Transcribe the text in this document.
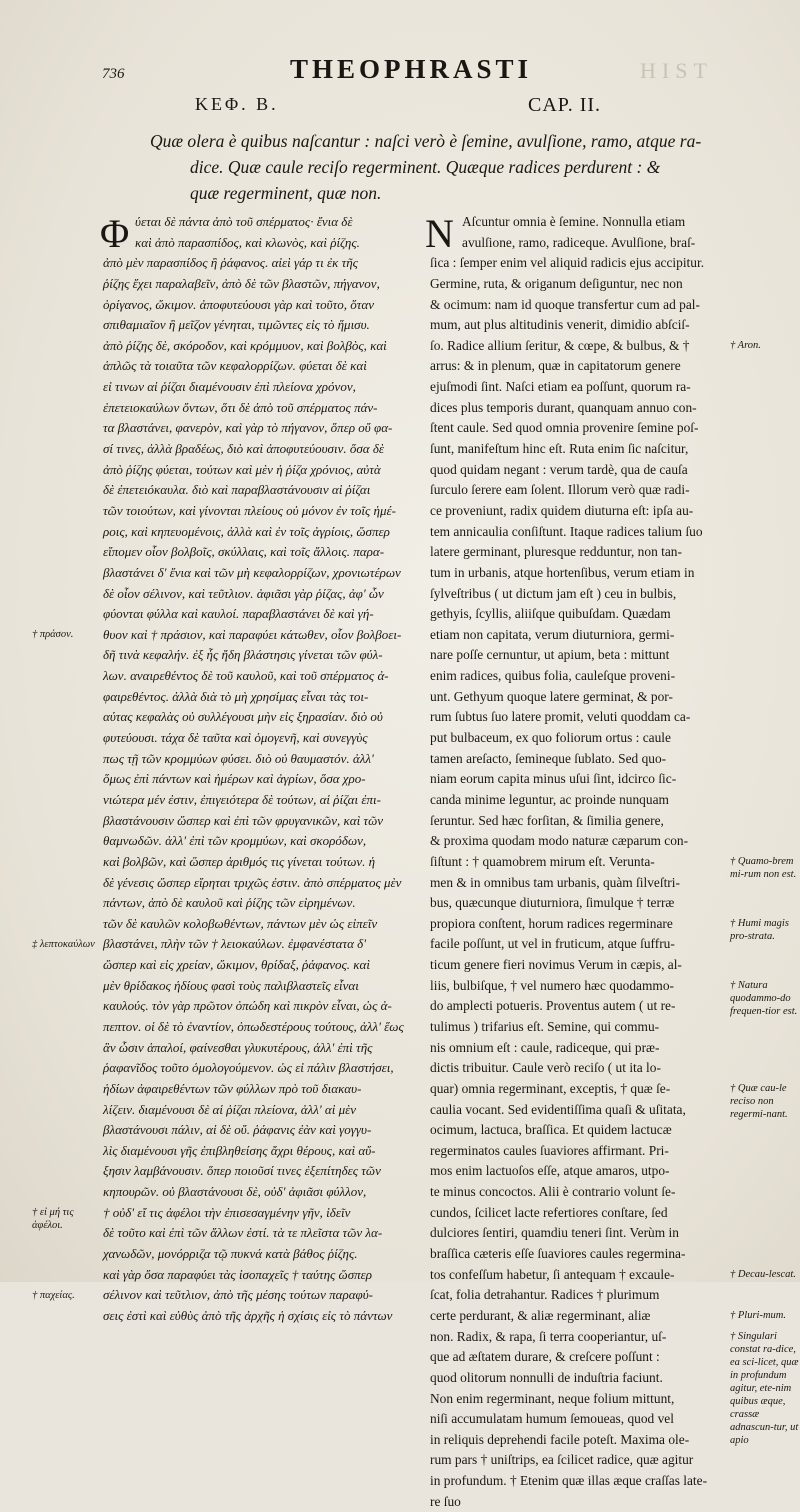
736	THEOPHRASTI	HIST
ΚΕΦ. Β.	CAP. II.
Quæ olera è quibus naſcantur : naſci verò è ſemine, avulſione, ramo, atque ra-
dice. Quæ caule reciſo regerminent. Quæque radices perdurent : &
quæ regerminent, quæ non.
Φ	N
ύεται δὲ πάντα ἀπὸ τοῦ σπέρματος· ἔνια δὲ
καὶ ἀπὸ παρασπίδος, καὶ κλωνὸς, καὶ ῥίζης.
ἀπὸ μὲν παρασπίδος ἢ ῥάφανος. αἰεὶ γάρ τι ἐκ τῆς
ῥίζης ἔχει παραλαβεῖν, ἀπὸ δὲ τῶν βλαστῶν, πήγανον,
ὀρίγανος, ὤκιμον. ἀποφυτεύουσι γὰρ καὶ τοῦτο, ὅταν
σπιθαμιαῖον ἢ μεῖζον γένηται, τιμῶντες εἰς τὸ ἥμισυ.
ἀπὸ ῥίζης δὲ, σκόροδον, καὶ κρόμμυον, καὶ βολβὸς, καὶ
ἁπλῶς τὰ τοιαῦτα τῶν κεφαλορρίζων. φύεται δὲ καὶ
εἰ τινων αἱ ῥίζαι διαμένουσιν ἐπὶ πλείονα χρόνον,
ἐπετειοκαύλων ὄντων, ὅτι δὲ ἀπὸ τοῦ σπέρματος πάν-
τα βλαστάνει, φανερὸν, καὶ γὰρ τὸ πήγανον, ὅπερ οὔ φα-
σί τινες, ἀλλὰ βραδέως, διὸ καὶ ἀποφυτεύουσιν. ὅσα δὲ
ἀπὸ ῥίζης φύεται, τούτων καὶ μὲν ἡ ῥίζα χρόνιος, αὐτὰ
δὲ ἐπετειόκαυλα. διὸ καὶ παραβλαστάνουσιν αἱ ῥίζαι
τῶν τοιούτων, καὶ γίνονται πλείους οὐ μόνον ἐν τοῖς ἡμέ-
ροις, καὶ κηπευομένοις, ἀλλὰ καὶ ἐν τοῖς ἀγρίοις, ὥσπερ
εἴπομεν οἷον βολβοῖς, σκύλλαις, καὶ τοῖς ἄλλοις. παρα-
βλαστάνει δ' ἔνια καὶ τῶν μὴ κεφαλορρίζων, χρονιωτέρων
δὲ οἷον σέλινον, καὶ τεῦτλιον. ἀφιᾶσι γὰρ ῥίζας, ἀφ' ὧν
φύονται φύλλα καὶ καυλοί. παραβλαστάνει δὲ καὶ γή-
θυον καὶ † πράσιον, καὶ παραφύει κάτωθεν, οἷον βολβοει-
δῆ τινὰ κεφαλήν. ἐξ ἧς ἤδη βλάστησις γίνεται τῶν φύλ-
λων. αναιρεθέντος δὲ τοῦ καυλοῦ, καὶ τοῦ σπέρματος ἀ-
φαιρεθέντος. ἀλλὰ διὰ τὸ μὴ χρησίμας εἶναι τὰς τοι-
αύτας κεφαλὰς οὐ συλλέγουσι μὴν εἰς ξηρασίαν. διὸ οὐ
φυτεύουσι. τάχα δὲ ταῦτα καὶ ὁμογενῆ, καὶ συνεγγὺς
πως τῇ τῶν κρομμύων φύσει. διὸ οὐ θαυμαστόν. ἀλλ'
ὅμως ἐπὶ πάντων καὶ ἡμέρων καὶ ἀγρίων, ὅσα χρο-
νιώτερα μέν ἐστιν, ἐπιγειότερα δὲ τούτων, αἱ ῥίζαι ἐπι-
βλαστάνουσιν ὥσπερ καὶ ἐπὶ τῶν φρυγανικῶν, καὶ τῶν
θαμνωδῶν. ἀλλ' ἐπὶ τῶν κρομμύων, καὶ σκορόδων,
καὶ βολβῶν, καὶ ὥσπερ ἀριθμός τις γίνεται τούτων. ἡ
δὲ γένεσις ὥσπερ εἴρηται τριχῶς ἐστιν. ἀπὸ σπέρματος μὲν
πάντων, ἀπὸ δὲ καυλοῦ καὶ ῥίζης τῶν εἰρημένων.
τῶν δὲ καυλῶν κολοβωθέντων, πάντων μὲν ὡς εἰπεῖν
βλαστάνει, πλὴν τῶν † λειοκαύλων. ἐμφανέστατα δ'
ὥσπερ καὶ εἰς χρείαν, ὤκιμον, θρίδαξ, ῥάφανος. καὶ
μὲν θρίδακος ἡδίους φασὶ τοὺς παλιβλαστεῖς εἶναι
καυλούς. τὸν γὰρ πρῶτον ὀπώδη καὶ πικρὸν εἶναι, ὡς ἀ-
πεπτον. οἱ δὲ τὸ ἐναντίον, ὀπωδεστέρους τούτους, ἀλλ' ἕως
ἂν ὦσιν ἁπαλοί, φαίνεσθαι γλυκυτέρους, ἀλλ' ἐπὶ τῆς
ῥαφανῖδος τοῦτο ὁμολογούμενον. ὡς εἰ πάλιν βλαστήσει,
ἡδίων ἀφαιρεθέντων τῶν φύλλων πρὸ τοῦ διακαυ-
λίζειν. διαμένουσι δὲ αἱ ῥίζαι πλείονα, ἀλλ' αἱ μὲν
βλαστάνουσι πάλιν, αἱ δὲ οὔ. ῥάφανις ἐὰν καὶ γογγυ-
λὶς διαμένουσι γῆς ἐπιβληθείσης ἄχρι θέρους, καὶ αὔ-
ξησιν λαμβάνουσιν. ὅπερ ποιοῦσί τινες ἐξεπίτηδες τῶν
κηπουρῶν. οὐ βλαστάνουσι δὲ, οὐδ' ἀφιᾶσι φύλλον,
† οὐδ' εἴ τις ἀφέλοι τὴν ἐπισεσαγμένην γῆν, ἰδεῖν
δὲ τοῦτο καὶ ἐπὶ τῶν ἄλλων ἐστί. τὰ τε πλεῖστα τῶν λα-
χανωδῶν, μονόρριζα τῷ πυκνά κατὰ βάθος ῥίζης.
καὶ γὰρ ὅσα παραφύει τὰς ἰσοπαχεῖς † ταύτης ὥσπερ
σέλινον καὶ τεῦτλιον, ἀπὸ τῆς μέσης τούτων παραφύ-
σεις ἐστὶ καὶ εὐθὺς ἀπὸ τῆς ἀρχῆς ἡ σχίσις εἰς τὸ πάντων
Aſcuntur omnia è ſemine. Nonnulla etiam
avulſione, ramo, radiceque. Avulſione, braſ-
ſica : ſemper enim vel aliquid radicis ejus accipitur.
Germine, ruta, & origanum deſiguntur, nec non
& ocimum: nam id quoque transfertur cum ad pal-
mum, aut plus altitudinis venerit, dimidio abſciſ-
ſo. Radice allium ſeritur, & cœpe, & bulbus, & †
arrus: & in plenum, quæ in capitatorum genere
ejuſmodi ſint. Naſci etiam ea poſſunt, quorum ra-
dices plus temporis durant, quanquam annuo con-
ſtent caule. Sed quod omnia provenire ſemine poſ-
ſunt, manifeſtum hinc eſt. Ruta enim ſic naſcitur,
quod quidam negant : verum tardè, qua de cauſa
ſurculo ſerere eam ſolent. Illorum verò quæ radi-
ce proveniunt, radix quidem diuturna eſt: ipſa au-
tem annicaulia conſiſtunt. Itaque radices talium ſuo
latere germinant, pluresque redduntur, non tan-
tum in urbanis, atque hortenſibus, verum etiam in
ſylveſtribus ( ut dictum jam eſt ) ceu in bulbis,
gethyis, ſcyllis, aliiſque quibuſdam. Quædam
etiam non capitata, verum diuturniora, germi-
nare poſſe cernuntur, ut apium, beta : mittunt
enim radices, quibus folia, cauleſque proveni-
unt. Gethyum quoque latere germinat, & por-
rum ſubtus ſuo latere promit, veluti quoddam ca-
put bulbaceum, ex quo foliorum ortus : caule
tamen areſacto, ſemineque ſublato. Sed quo-
niam eorum capita minus uſui ſint, idcirco ſic-
canda minime leguntur, ac proinde nunquam
ſeruntur. Sed hæc forſitan, & ſimilia genere,
& proxima quodam modo naturæ cæparum con-
ſiſtunt : † quamobrem mirum eſt. Verunta-
men & in omnibus tam urbanis, quàm ſilveſtri-
bus, quæcunque diuturniora, ſimulque † terræ
propiora conſtent, horum radices regerminare
facile poſſunt, ut vel in fruticum, atque ſuffru-
ticum genere fieri novimus Verum in cæpis, al-
liis, bulbiſque, † vel numero hæc quodammo-
do amplecti potueris. Proventus autem ( ut re-
tulimus ) trifarius eſt. Semine, qui commu-
nis omnium eſt : caule, radiceque, qui præ-
dictis tribuitur. Caule verò reciſo ( ut ita lo-
quar) omnia regerminant, exceptis, † quæ ſe-
caulia vocant. Sed evidentiſſima quaſi & uſitata,
ocimum, lactuca, braſſica. Et quidem lactucæ
regerminatos caules ſuaviores affirmant. Pri-
mos enim lactuoſos eſſe, atque amaros, utpo-
te minus concoctos. Alii è contrario volunt ſe-
cundos, ſcilicet lacte refertiores conſtare, ſed
dulciores ſentiri, quamdiu teneri ſint. Verùm in
braſſica cæteris eſſe ſuaviores caules regermina-
tos confeſſum habetur, ſi antequam † excaule-
ſcat, folia detrahantur. Radices † plurimum
certe perdurant, & aliæ regerminant, aliæ
non. Radix, & rapa, ſi terra cooperiantur, uſ-
que ad æſtatem durare, & creſcere poſſunt :
quod olitorum nonnulli de induſtria faciunt.
Non enim regerminant, neque folium mittunt,
niſi accumulatam humum ſemoueas, quod vel
in reliquis deprehendi facile poteſt. Maxima ole-
rum pars † uniſtrips, ea ſcilicet radice, quæ agitur
in profundum. † Etenim quæ illas æque craſſas late-
re ſuo
† πράσον.
‡ λεπτοκαύλων
† εἰ μή τις ἀφέλοι.
† παχείας.
† Aron.
† Quamo-brem mi-rum non est.
† Humi magis pro-strata.
† Natura quodammo-do frequen-tior est.
† Quæ cau-le reciso non regermi-nant.
† Decau-lescat.
† Pluri-mum.
† Singulari constat ra-dice, ea sci-licet, quæ in profundum agitur, ete-nim quibus æque, crassæ adnascun-tur, ut apio
